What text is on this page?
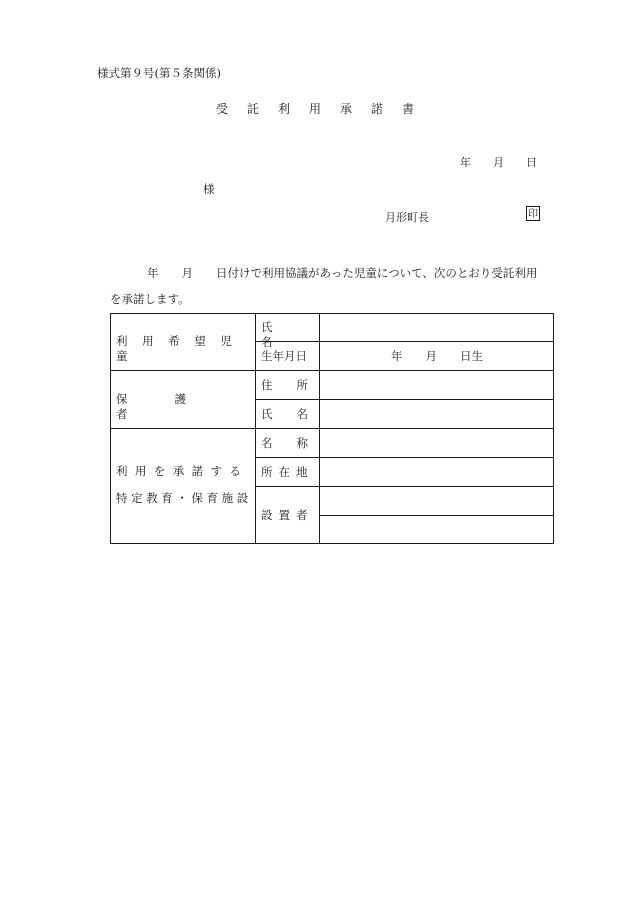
様式第９号(第５条関係)
受託利用承諾書
年　　月　　日
様
月形町長	印
年　　月　　日付けで利用協議があった児童について、次のとおり受託利用
を承諾します。
利用希望児童
氏名
生年月日	年　　月　　日生
保護者
住所
氏名
利用を承諾する
特定教育・保育施設
名称
所在地
設置者
